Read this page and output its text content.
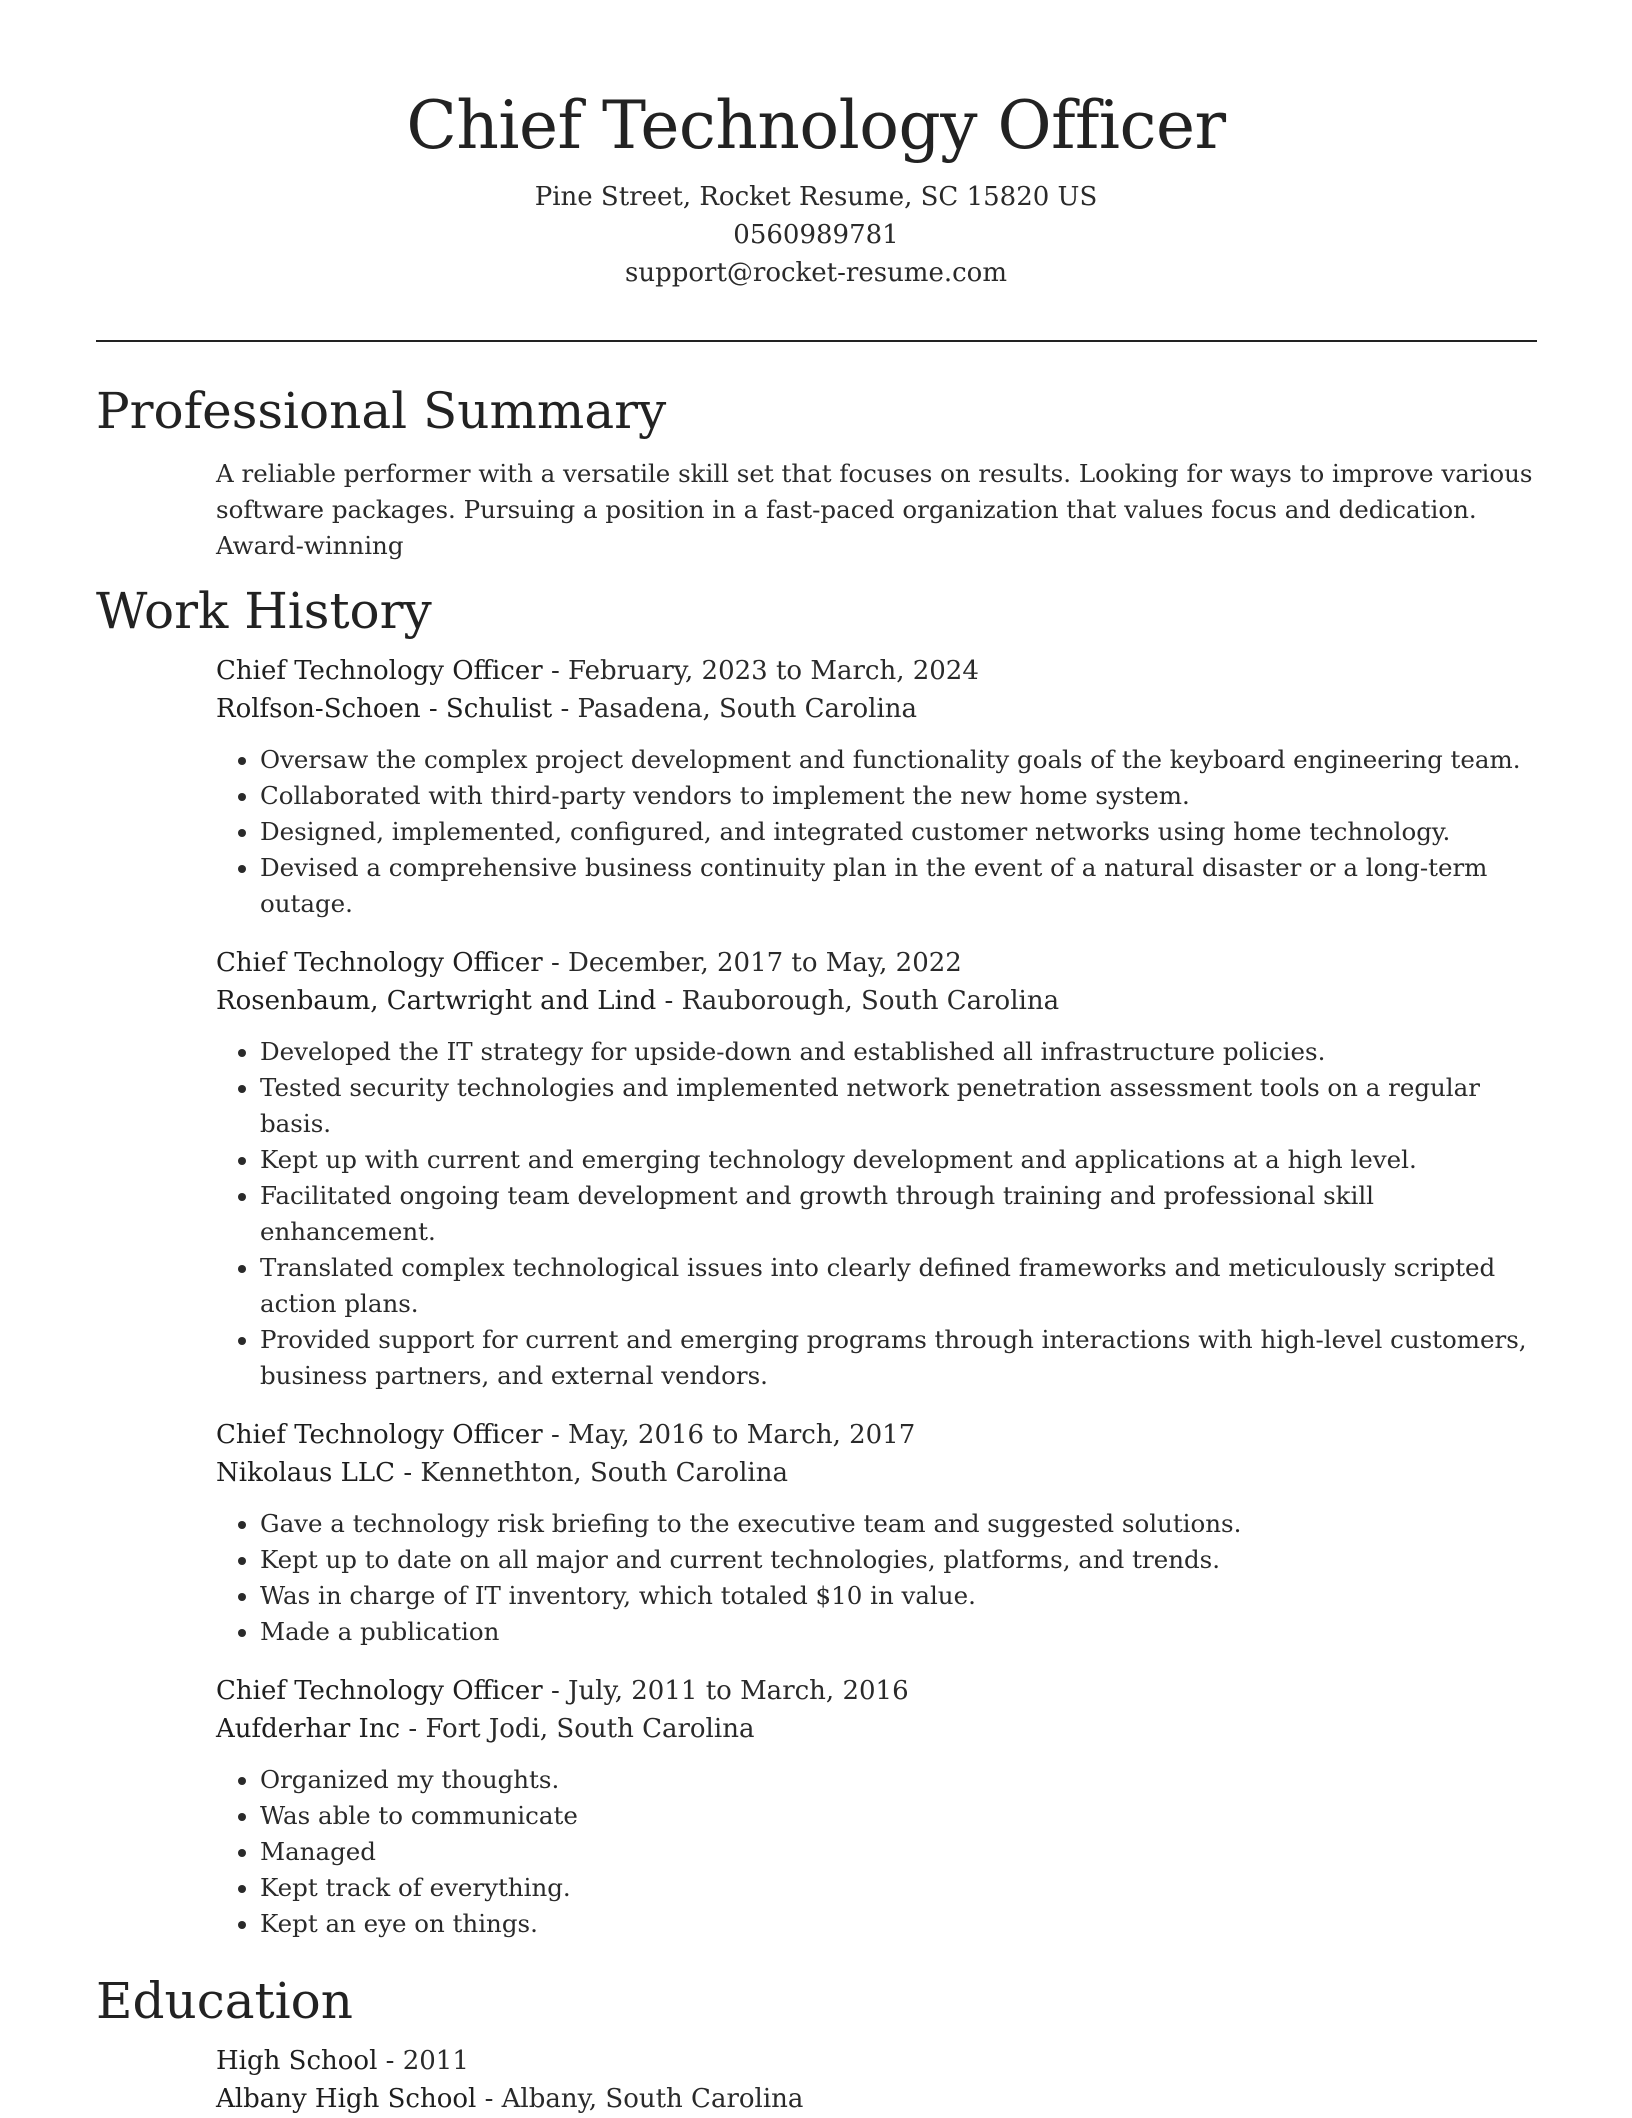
Chief Technology Officer
Pine Street, Rocket Resume, SC 15820 US
0560989781
support@rocket-resume.com
Professional Summary

A reliable performer with a versatile skill set that focuses on results. Looking for ways to improve various software packages. Pursuing a position in a fast-paced organization that values focus and dedication. Award-winning

Work History
Chief Technology Officer - February, 2023 to March, 2024
Rolfson-Schoen - Schulist - Pasadena, South Carolina
• Oversaw the complex project development and functionality goals of the keyboard engineering team.
• Collaborated with third-party vendors to implement the new home system.
• Designed, implemented, configured, and integrated customer networks using home technology.
• Devised a comprehensive business continuity plan in the event of a natural disaster or a long-term outage.
Chief Technology Officer - December, 2017 to May, 2022
Rosenbaum, Cartwright and Lind - Rauborough, South Carolina
• Developed the IT strategy for upside-down and established all infrastructure policies.
• Tested security technologies and implemented network penetration assessment tools on a regular basis.
• Kept up with current and emerging technology development and applications at a high level.
• Facilitated ongoing team development and growth through training and professional skill enhancement.
• Translated complex technological issues into clearly defined frameworks and meticulously scripted action plans.
• Provided support for current and emerging programs through interactions with high-level customers, business partners, and external vendors.
Chief Technology Officer - May, 2016 to March, 2017
Nikolaus LLC - Kennethton, South Carolina
• Gave a technology risk briefing to the executive team and suggested solutions.
• Kept up to date on all major and current technologies, platforms, and trends.
• Was in charge of IT inventory, which totaled $10 in value.
• Made a publication
Chief Technology Officer - July, 2011 to March, 2016
Aufderhar Inc - Fort Jodi, South Carolina
• Organized my thoughts.
• Was able to communicate
• Managed
• Kept track of everything.
• Kept an eye on things.
Education
High School - 2011
Albany High School - Albany, South Carolina
